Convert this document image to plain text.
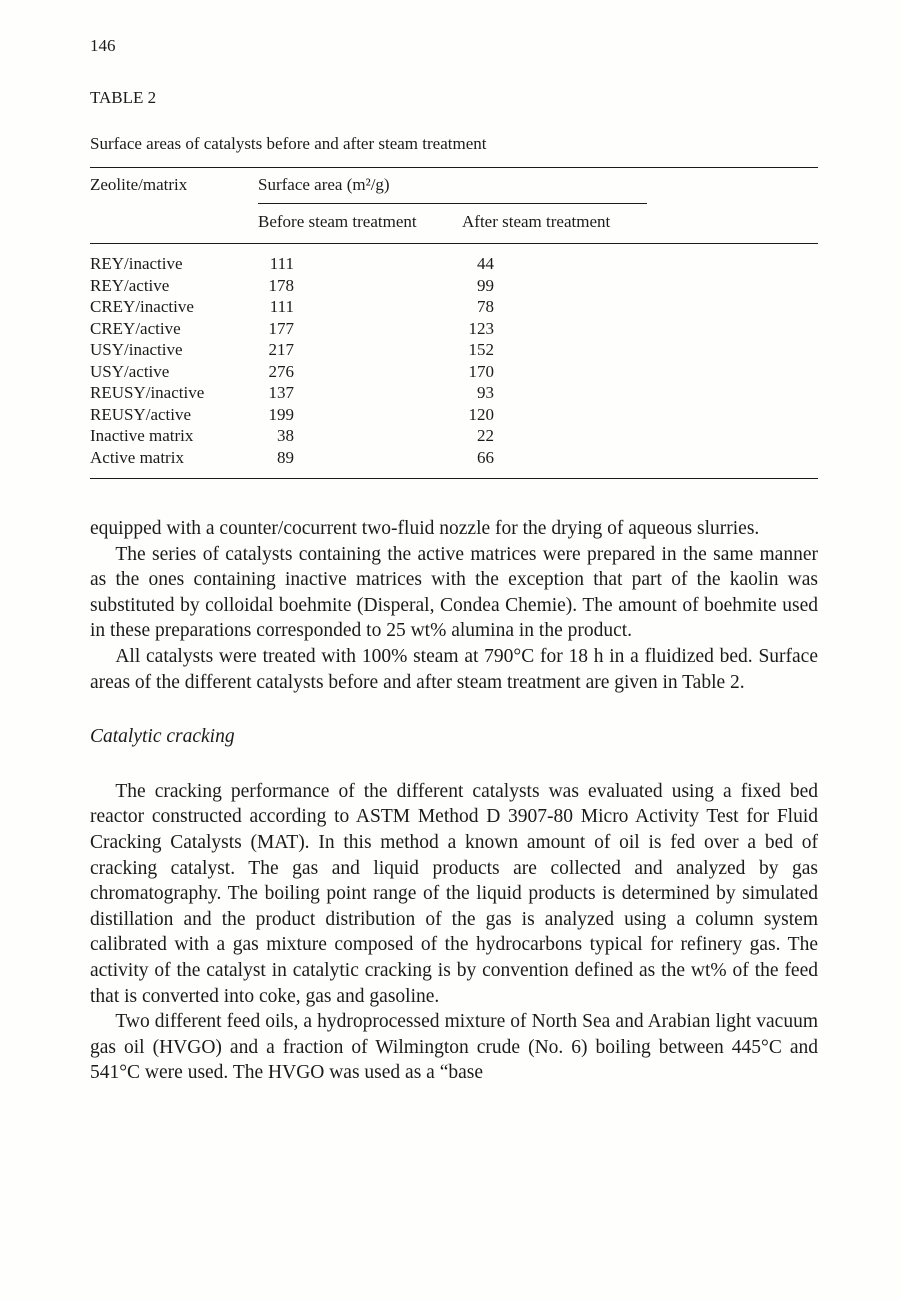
146
TABLE 2
Surface areas of catalysts before and after steam treatment
Zeolite/matrix	Surface area (m²/g)		
	Before steam treatment	After steam treatment	
REY/inactive	111	44	
REY/active	178	99	
CREY/inactive	111	78	
CREY/active	177	123	
USY/inactive	217	152	
USY/active	276	170	
REUSY/inactive	137	93	
REUSY/active	199	120	
Inactive matrix	38	22	
Active matrix	89	66	

equipped with a counter/cocurrent two-fluid nozzle for the drying of aqueous slurries.

The series of catalysts containing the active matrices were prepared in the same manner as the ones containing inactive matrices with the exception that part of the kaolin was substituted by colloidal boehmite (Disperal, Condea Chemie). The amount of boehmite used in these preparations corresponded to 25 wt% alumina in the product.

All catalysts were treated with 100% steam at 790°C for 18 h in a fluidized bed. Surface areas of the different catalysts before and after steam treatment are given in Table 2.

Catalytic cracking

The cracking performance of the different catalysts was evaluated using a fixed bed reactor constructed according to ASTM Method D 3907-80 Micro Activity Test for Fluid Cracking Catalysts (MAT). In this method a known amount of oil is fed over a bed of cracking catalyst. The gas and liquid products are collected and analyzed by gas chromatography. The boiling point range of the liquid products is determined by simulated distillation and the product distribution of the gas is analyzed using a column system calibrated with a gas mixture composed of the hydrocarbons typical for refinery gas. The activity of the catalyst in catalytic cracking is by convention defined as the wt% of the feed that is converted into coke, gas and gasoline.

Two different feed oils, a hydroprocessed mixture of North Sea and Arabian light vacuum gas oil (HVGO) and a fraction of Wilmington crude (No. 6) boiling between 445°C and 541°C were used. The HVGO was used as a “base
